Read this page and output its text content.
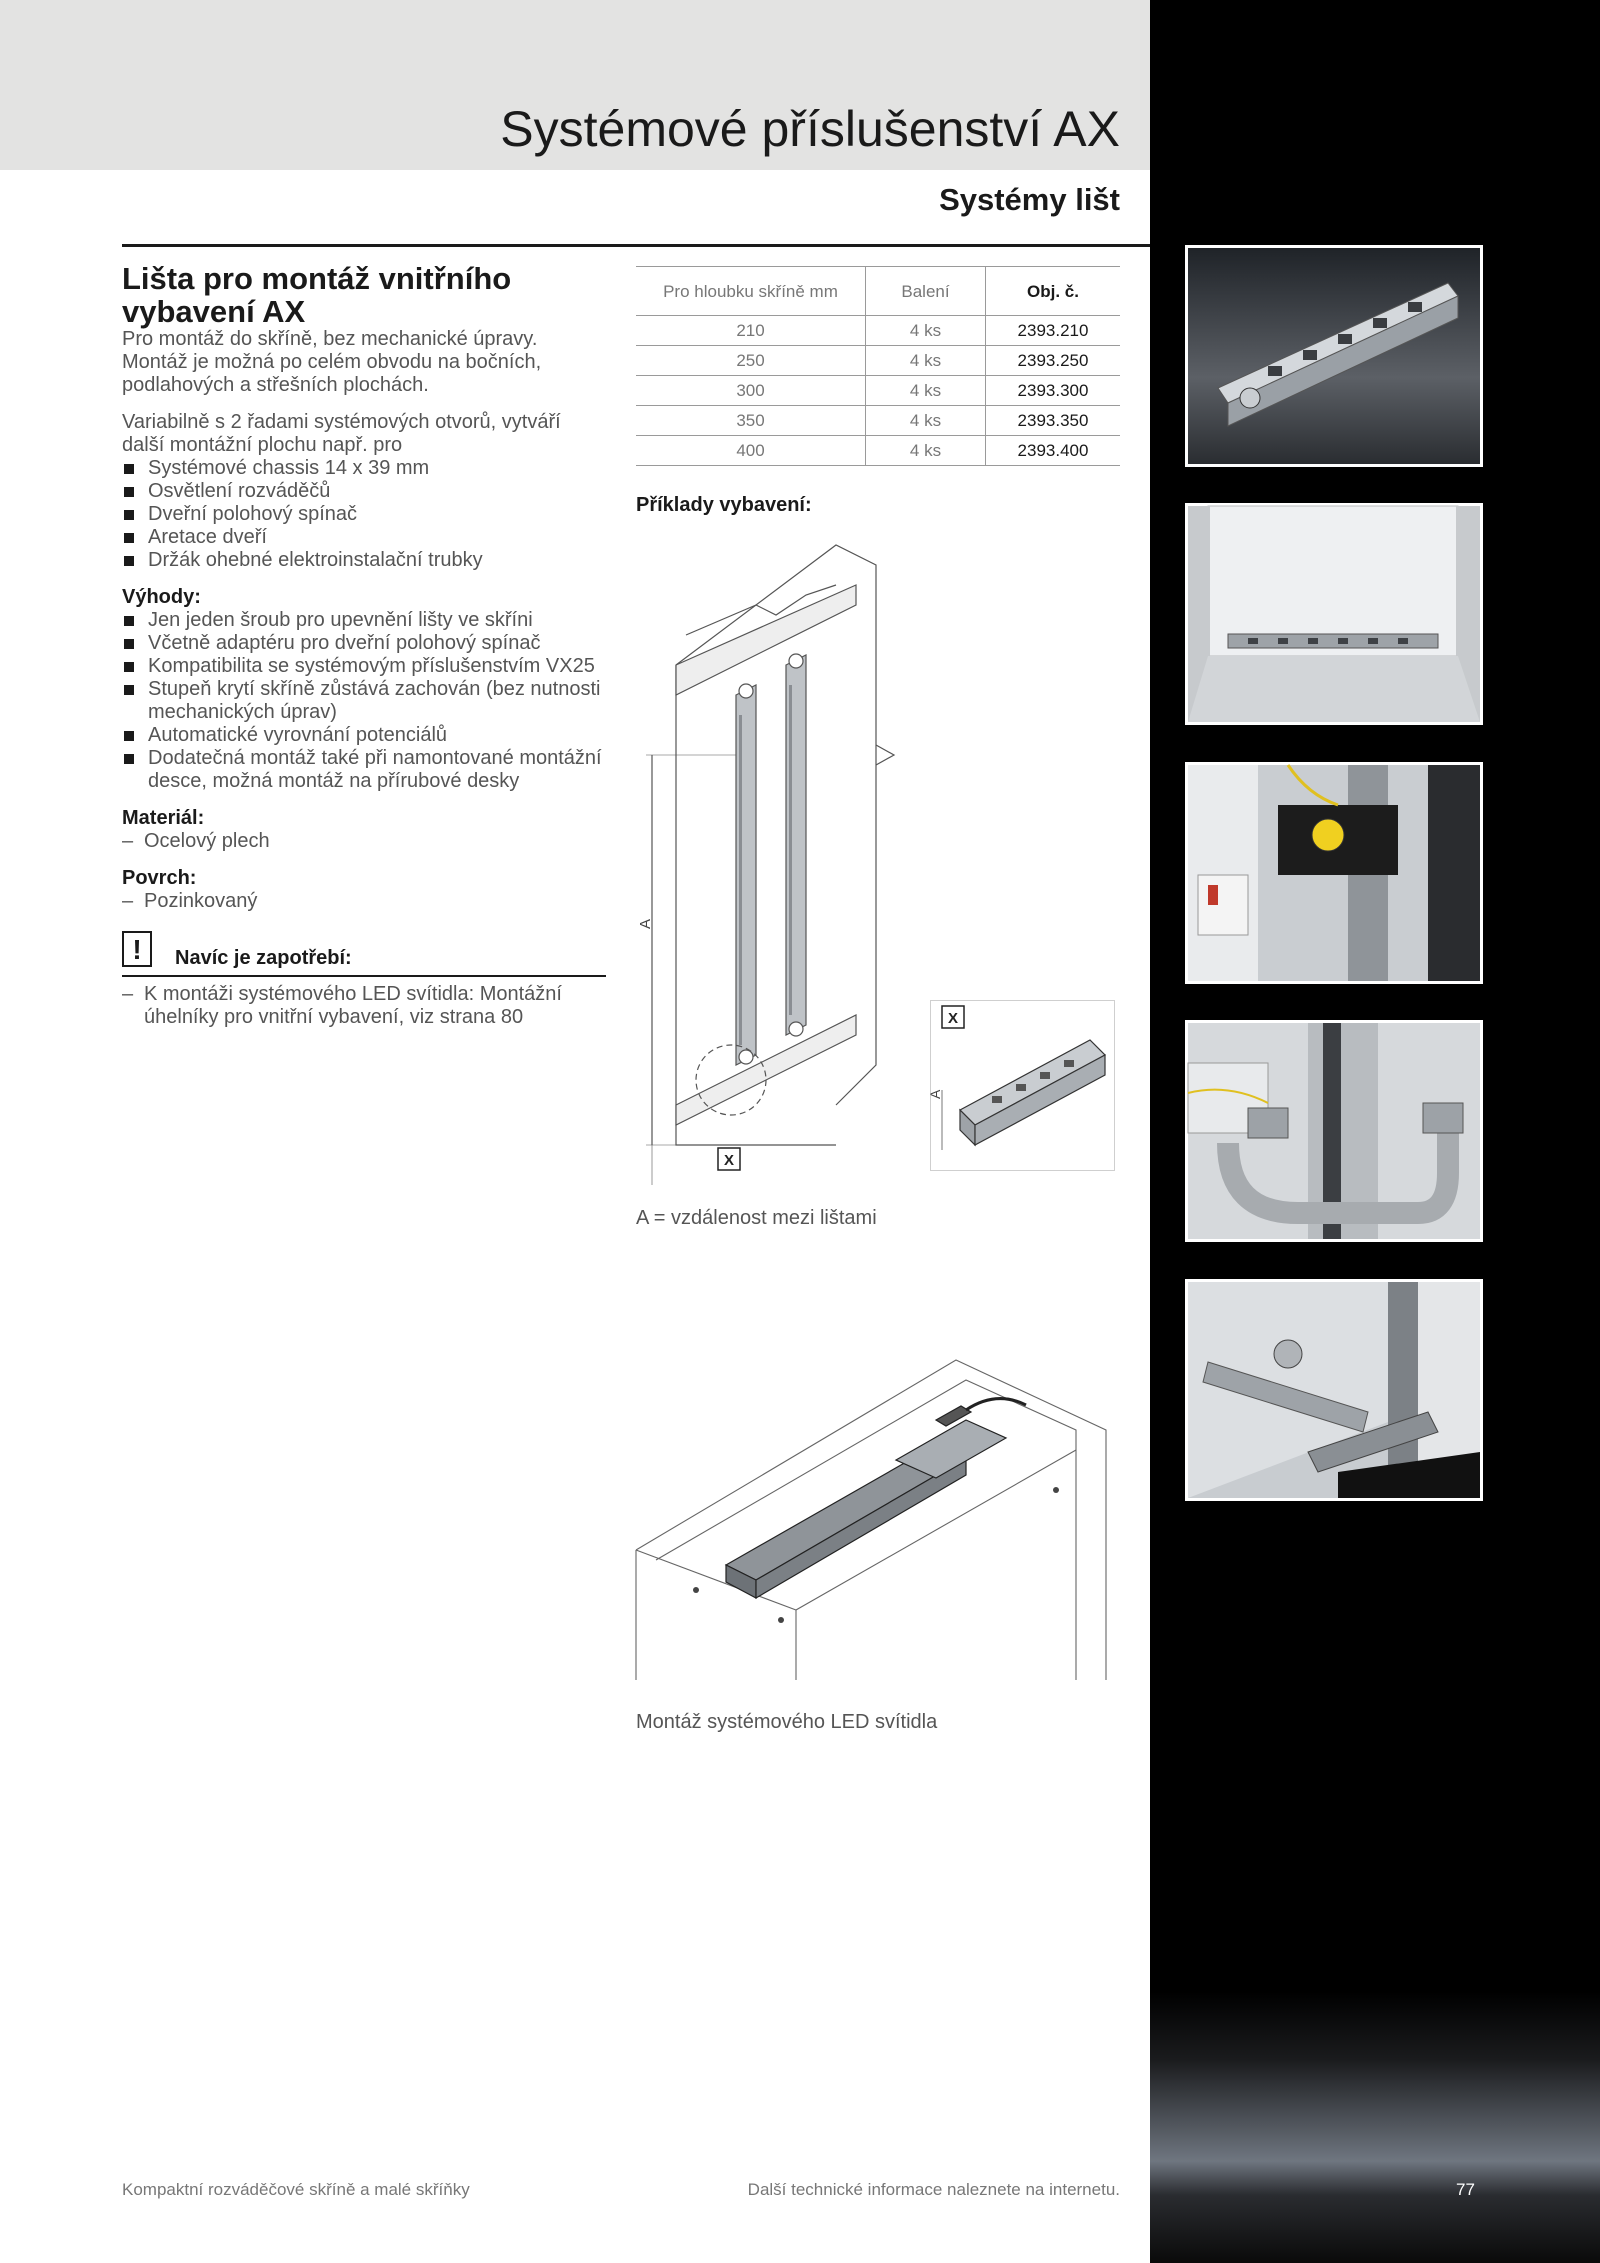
Systémové příslušenství AX
Systémy lišt
Lišta pro montáž vnitřního vybavení AX

Pro montáž do skříně, bez mechanické úpravy. Montáž je možná po celém obvodu na bočních, podlahových a střešních plochách.

Variabilně s 2 řadami systémových otvorů, vytváří další montážní plochu např. pro

Systémové chassis 14 x 39 mm
Osvětlení rozváděčů
Dveřní polohový spínač
Aretace dveří
Držák ohebné elektroinstalační trubky
Výhody:
Jen jeden šroub pro upevnění lišty ve skříni
Včetně adaptéru pro dveřní polohový spínač
Kompatibilita se systémovým příslušenstvím VX25
Stupeň krytí skříně zůstává zachován (bez nutnosti mechanických úprav)
Automatické vyrovnání potenciálů
Dodatečná montáž také při namontované montážní desce, možná montáž na přírubové desky
Materiál:
– Ocelový plech
Povrch:
– Pozinkovaný
!	Navíc je zapotřebí:
– K montáži systémového LED svítidla: Montážní úhelníky pro vnitřní vybavení, viz strana 80
Pro hloubku skříně mm	Balení	Obj. č.
210	4 ks	2393.210
250	4 ks	2393.250
300	4 ks	2393.300
350	4 ks	2393.350
400	4 ks	2393.400
Příklady vybavení:
A
X
X
A
A = vzdálenost mezi lištami
Montáž systémového LED svítidla
Kompaktní rozváděčové skříně a malé skříňky	Další technické informace naleznete na internetu.	77
